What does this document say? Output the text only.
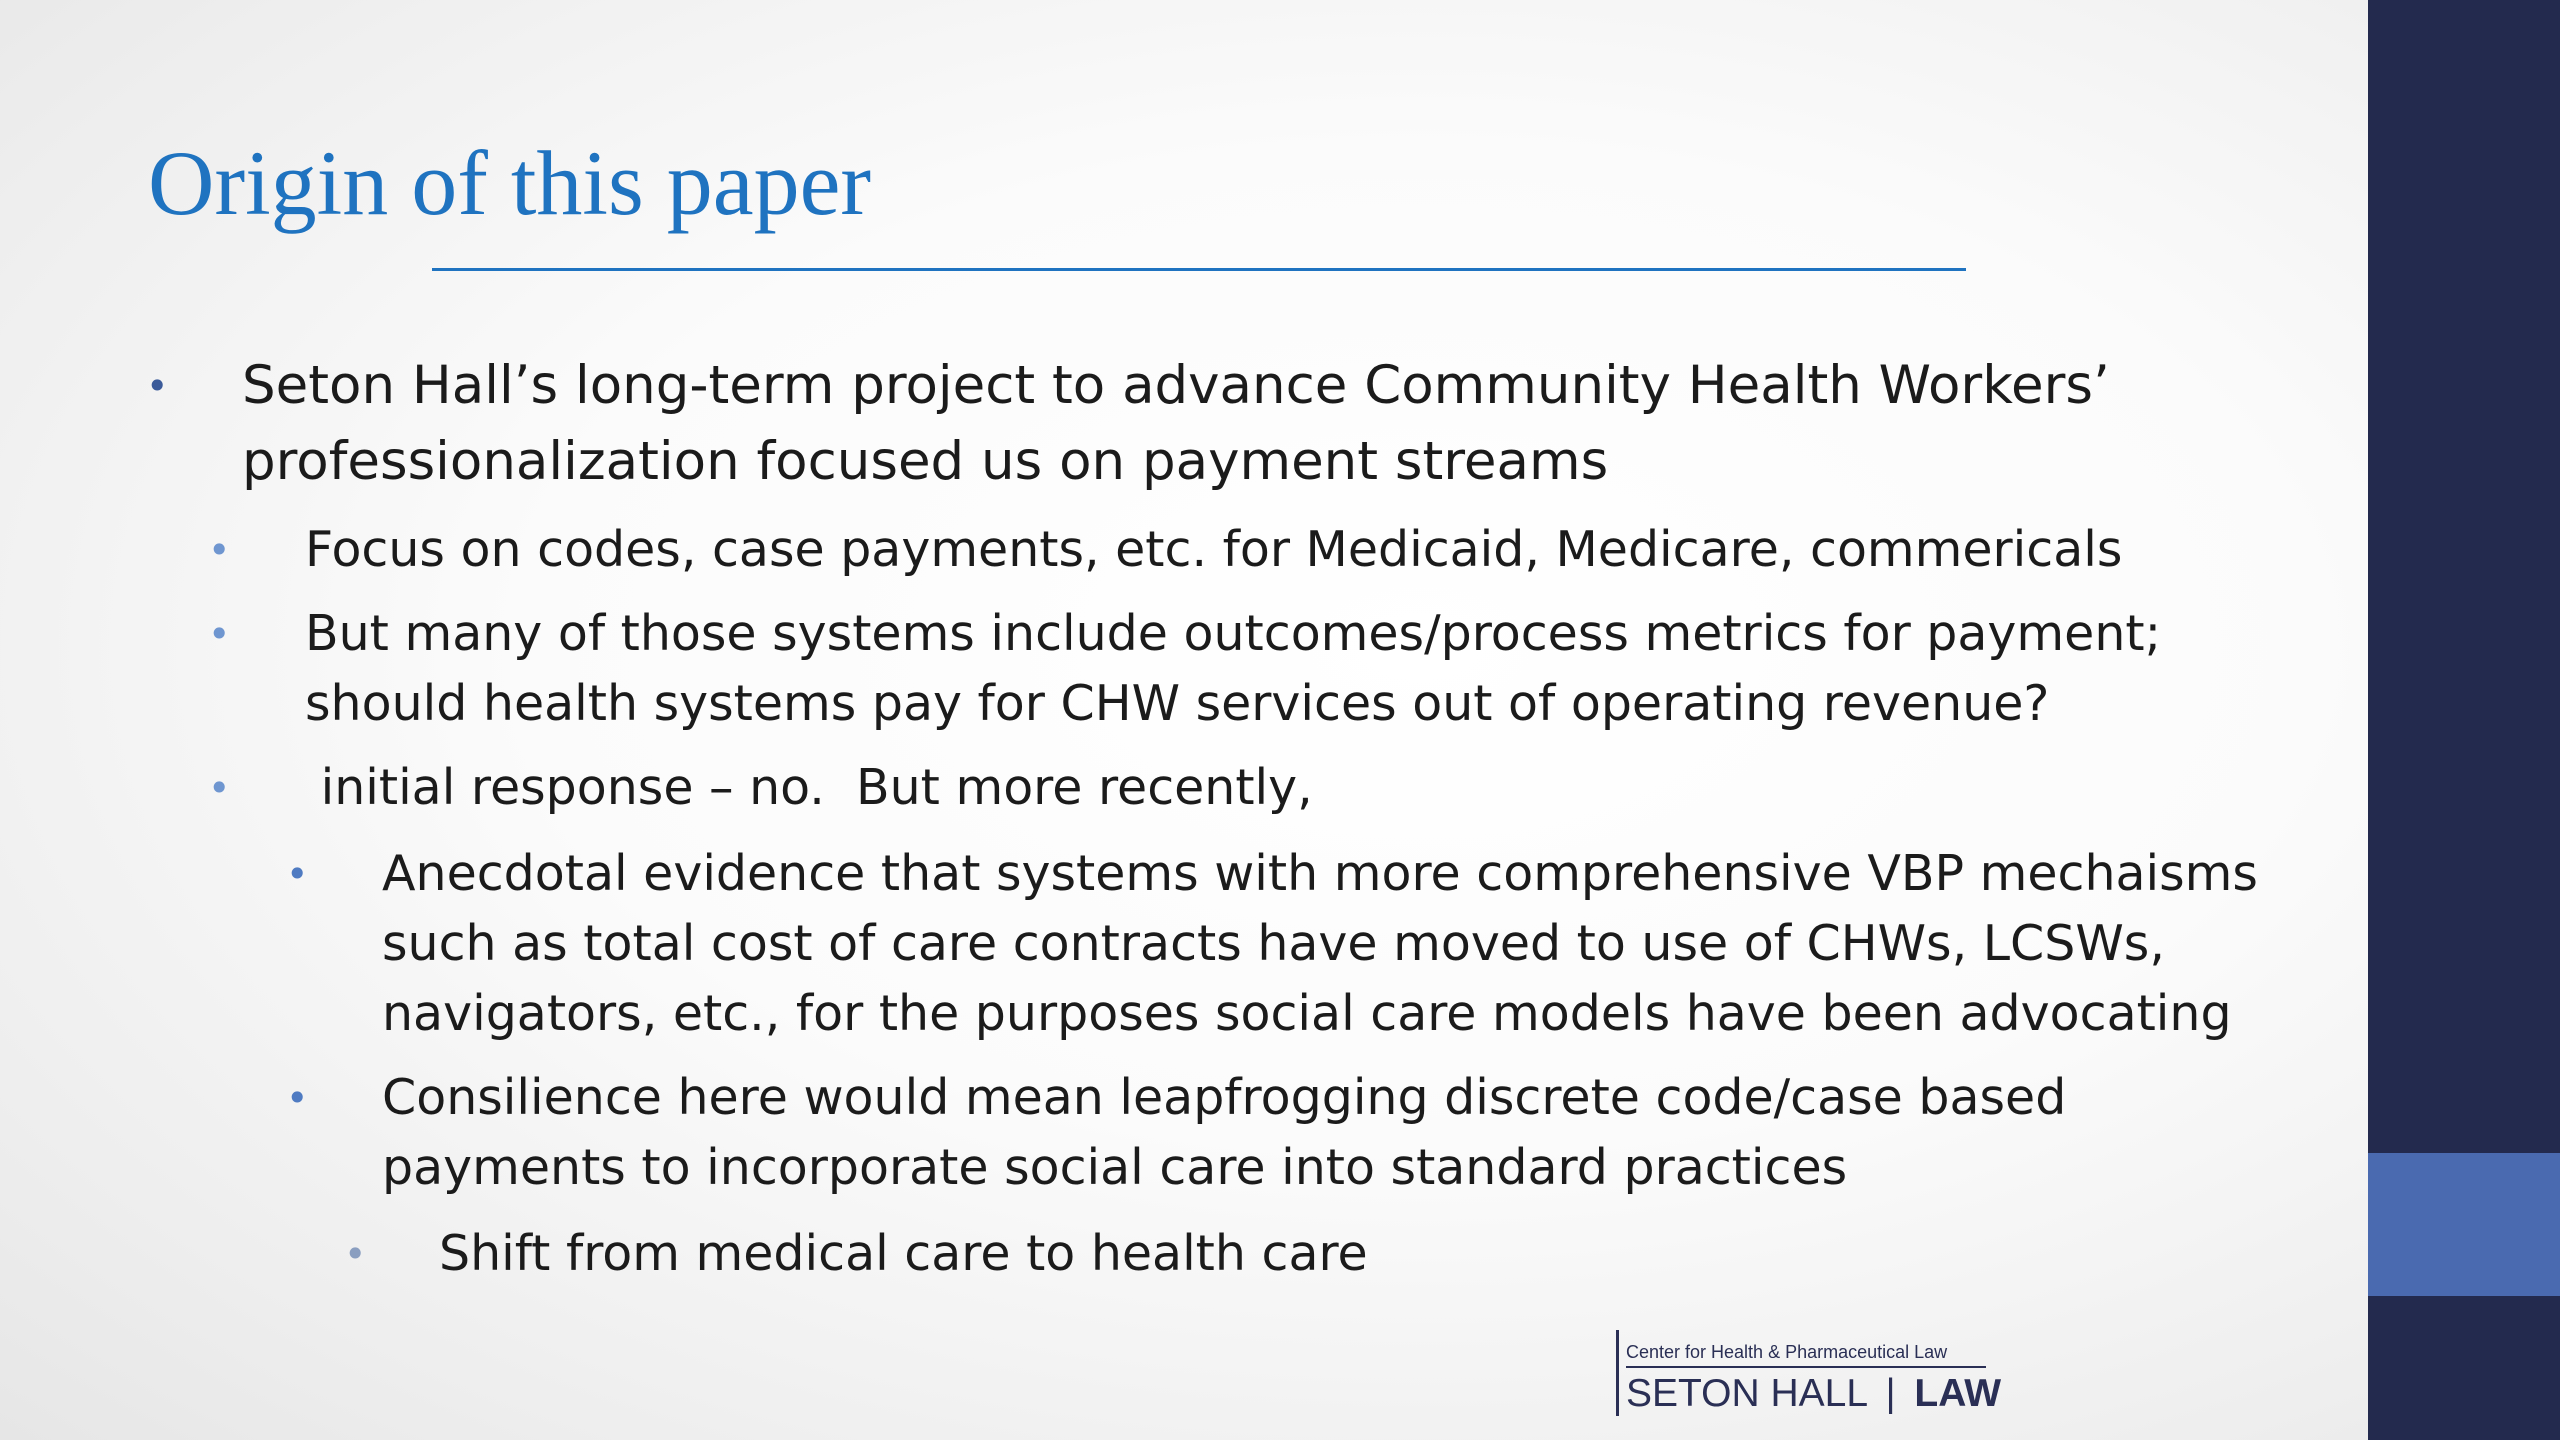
Origin of this paper
• Seton Hall’s long-term project to advance Community Health Workers’
professionalization focused us on payment streams
• Focus on codes, case payments, etc. for Medicaid, Medicare, commericals
• But many of those systems include outcomes/process metrics for payment;
should health systems pay for CHW services out of operating revenue?
• initial response – no.  But more recently,
• Anecdotal evidence that systems with more comprehensive VBP mechaisms
such as total cost of care contracts have moved to use of CHWs, LCSWs,
navigators, etc., for the purposes social care models have been advocating
• Consilience here would mean leapfrogging discrete code/case based
payments to incorporate social care into standard practices
• Shift from medical care to health care
Center for Health & Pharmaceutical Law
SETON HALL | LAW
